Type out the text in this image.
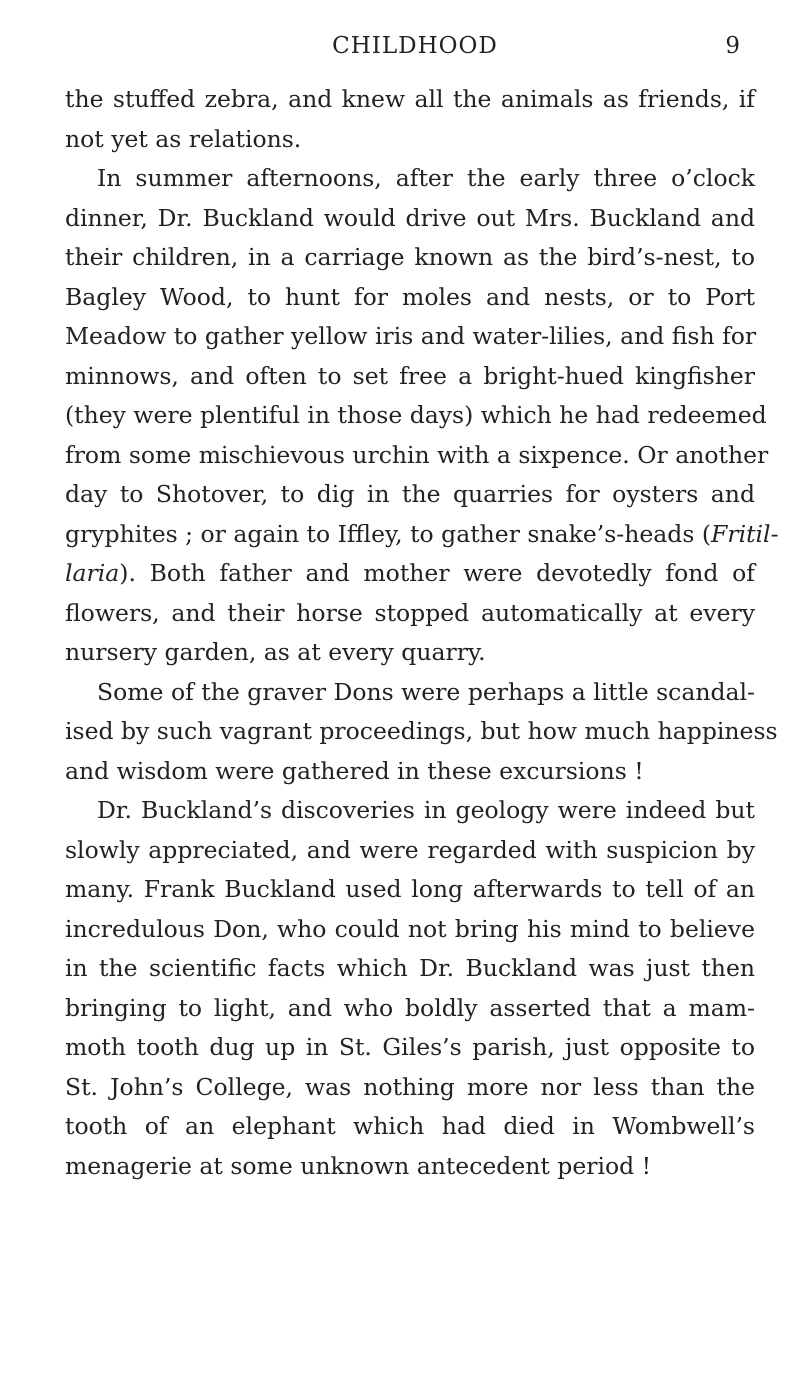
CHILDHOOD	9
the stuffed zebra, and knew all the animals as friends, if
not yet as relations.
In summer afternoons, after the early three o’clock
dinner, Dr. Buckland would drive out Mrs. Buckland and
their children, in a carriage known as the bird’s-nest, to
Bagley Wood, to hunt for moles and nests, or to Port
Meadow to gather yellow iris and water-lilies, and fish for
minnows, and often to set free a bright-hued kingfisher
(they were plentiful in those days) which he had redeemed
from some mischievous urchin with a sixpence. Or another
day to Shotover, to dig in the quarries for oysters and
gryphites ; or again to Iffley, to gather snake’s-heads (Fritil-
laria). Both father and mother were devotedly fond of
flowers, and their horse stopped automatically at every
nursery garden, as at every quarry.
Some of the graver Dons were perhaps a little scandal-
ised by such vagrant proceedings, but how much happiness
and wisdom were gathered in these excursions !
Dr. Buckland’s discoveries in geology were indeed but
slowly appreciated, and were regarded with suspicion by
many. Frank Buckland used long afterwards to tell of an
incredulous Don, who could not bring his mind to believe
in the scientific facts which Dr. Buckland was just then
bringing to light, and who boldly asserted that a mam-
moth tooth dug up in St. Giles’s parish, just opposite to
St. John’s College, was nothing more nor less than the
tooth of an elephant which had died in Wombwell’s
menagerie at some unknown antecedent period !
